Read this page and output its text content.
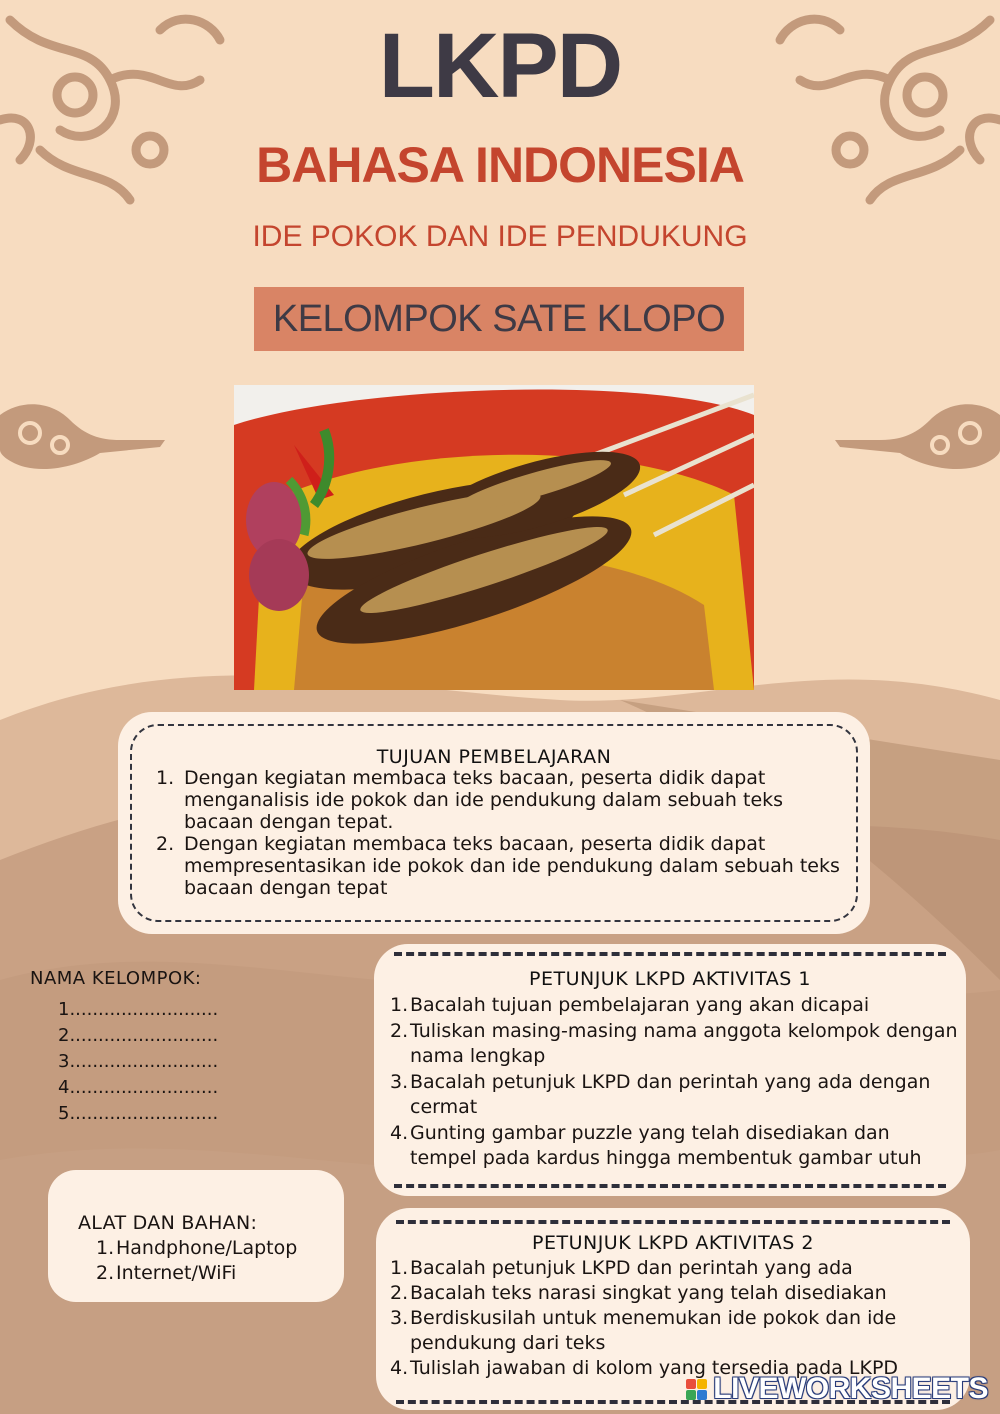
LKPD
BAHASA INDONESIA
IDE POKOK DAN IDE PENDUKUNG
KELOMPOK SATE KLOPO
TUJUAN PEMBELAJARAN
1. Dengan kegiatan membaca teks bacaan, peserta didik dapat menganalisis ide pokok dan ide pendukung dalam sebuah teks bacaan dengan tepat.
2. Dengan kegiatan membaca teks bacaan, peserta didik dapat mempresentasikan ide pokok dan ide pendukung dalam sebuah teks bacaan dengan tepat
NAMA KELOMPOK:
1..........................
2..........................
3..........................
4..........................
5..........................
PETUNJUK LKPD AKTIVITAS 1
1. Bacalah tujuan pembelajaran yang akan dicapai
2. Tuliskan masing-masing nama anggota kelompok dengan nama lengkap
3. Bacalah petunjuk LKPD dan perintah yang ada dengan cermat
4. Gunting gambar puzzle yang telah disediakan dan tempel pada kardus hingga membentuk gambar utuh
ALAT DAN BAHAN:
1. Handphone/Laptop
2. Internet/WiFi
PETUNJUK LKPD AKTIVITAS 2
1. Bacalah petunjuk LKPD dan perintah yang ada
2. Bacalah teks narasi singkat yang telah disediakan
3. Berdiskusilah untuk menemukan ide pokok dan ide pendukung dari teks
4. Tulislah jawaban di kolom yang tersedia pada LKPD
LIVEWORKSHEETS
